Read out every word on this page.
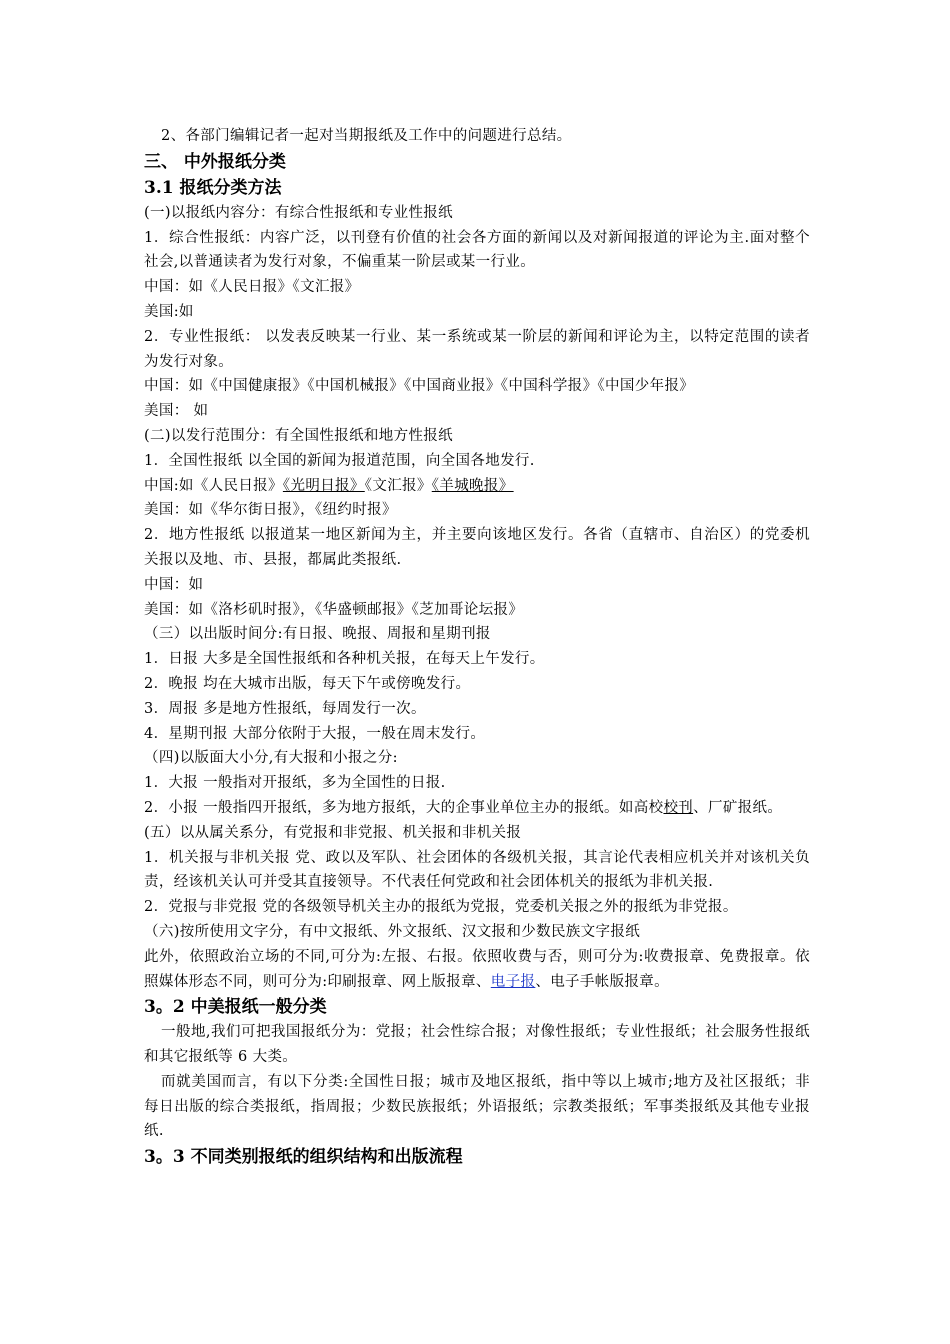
2、各部门编辑记者一起对当期报纸及工作中的问题进行总结。
三、 中外报纸分类
3.1 报纸分类方法
(一)以报纸内容分：有综合性报纸和专业性报纸
1．综合性报纸：内容广泛，以刊登有价值的社会各方面的新闻以及对新闻报道的评论为主.面对整个社会,以普通读者为发行对象，不偏重某一阶层或某一行业。
中国：如《人民日报》《文汇报》
美国:如
2．专业性报纸： 以发表反映某一行业、某一系统或某一阶层的新闻和评论为主，以特定范围的读者为发行对象。
中国：如《中国健康报》《中国机械报》《中国商业报》《中国科学报》《中国少年报》
美国： 如
(二)以发行范围分：有全国性报纸和地方性报纸
1．全国性报纸 以全国的新闻为报道范围，向全国各地发行.
中国:如《人民日报》《光明日报》《文汇报》《羊城晚报》
美国：如《华尔街日报》，《纽约时报》
2．地方性报纸 以报道某一地区新闻为主，并主要向该地区发行。各省（直辖市、自治区）的党委机关报以及地、市、县报，都属此类报纸.
中国：如
美国：如《洛杉矶时报》，《华盛顿邮报》《芝加哥论坛报》
（三）以出版时间分:有日报、晚报、周报和星期刊报
1．日报 大多是全国性报纸和各种机关报，在每天上午发行。
2．晚报 均在大城市出版，每天下午或傍晚发行。
3．周报 多是地方性报纸，每周发行一次。
4．星期刊报 大部分依附于大报，一般在周末发行。
（四)以版面大小分,有大报和小报之分:
1．大报 一般指对开报纸，多为全国性的日报.
2．小报 一般指四开报纸，多为地方报纸，大的企事业单位主办的报纸。如高校校刊、厂矿报纸。
(五）以从属关系分，有党报和非党报、机关报和非机关报
1．机关报与非机关报 党、政以及军队、社会团体的各级机关报，其言论代表相应机关并对该机关负责，经该机关认可并受其直接领导。不代表任何党政和社会团体机关的报纸为非机关报.
2．党报与非党报 党的各级领导机关主办的报纸为党报，党委机关报之外的报纸为非党报。
（六)按所使用文字分，有中文报纸、外文报纸、汉文报和少数民族文字报纸
此外，依照政治立场的不同,可分为:左报、右报。依照收费与否，则可分为:收费报章、免费报章。依照媒体形态不同，则可分为:印刷报章、网上版报章、电子报、电子手帐版报章。
3。2 中美报纸一般分类
一般地,我们可把我国报纸分为：党报；社会性综合报；对像性报纸；专业性报纸；社会服务性报纸和其它报纸等 6 大类。
而就美国而言，有以下分类:全国性日报；城市及地区报纸，指中等以上城市;地方及社区报纸；非每日出版的综合类报纸，指周报；少数民族报纸；外语报纸；宗教类报纸；军事类报纸及其他专业报纸.
3。3 不同类别报纸的组织结构和出版流程
